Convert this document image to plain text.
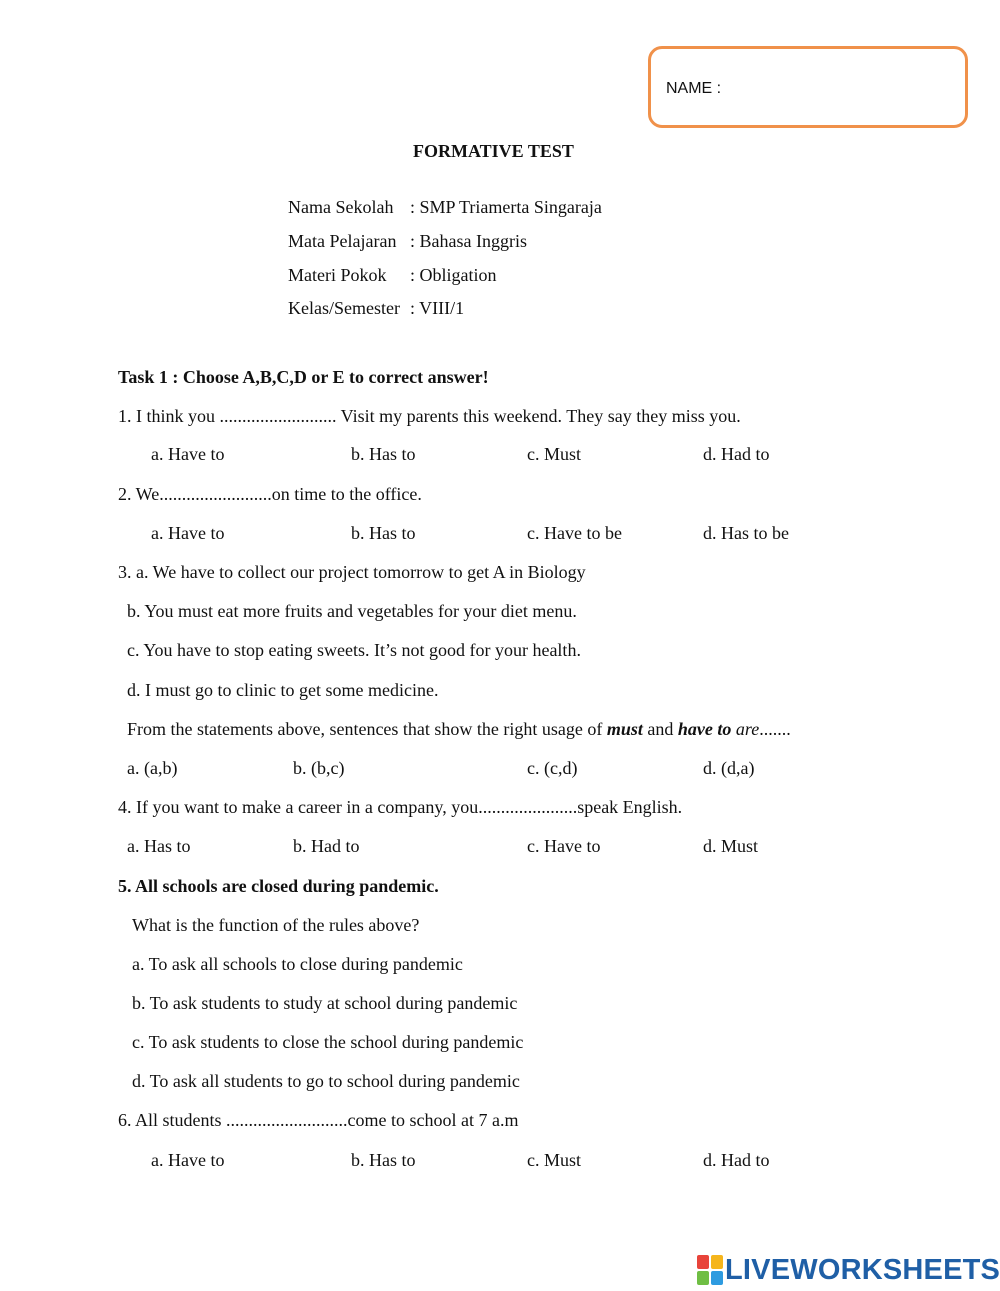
NAME :
FORMATIVE TEST
Nama Sekolah : SMP Triamerta Singaraja
Mata Pelajaran : Bahasa Inggris
Materi Pokok : Obligation
Kelas/Semester : VIII/1
Task 1 : Choose A,B,C,D or E to correct answer!
1. I think you .......................... Visit my parents this weekend. They say they miss you.
a. Have to	b. Has to	c. Must	d. Had to
2. We.........................on time to the office.
a. Have to	b. Has to	c. Have to be	d. Has to be
3. a. We have to collect our project tomorrow to get A in Biology
b. You must eat more fruits and vegetables for your diet menu.
c. You have to stop eating sweets. It’s not good for your health.
d. I must go to clinic to get some medicine.
From the statements above, sentences that show the right usage of must and have to are.......
a. (a,b)	b. (b,c)	c. (c,d)	d. (d,a)
4. If you want to make a career in a company, you......................speak English.
a. Has to	b. Had to	c. Have to	d. Must
5. All schools are closed during pandemic.
What is the function of the rules above?
a. To ask all schools to close during pandemic
b. To ask students to study at school during pandemic
c. To ask students to close the school during pandemic
d. To ask all students to go to school during pandemic
6. All students ...........................come to school at 7 a.m
a. Have to	b. Has to	c. Must	d. Had to
LIVEWORKSHEETS
